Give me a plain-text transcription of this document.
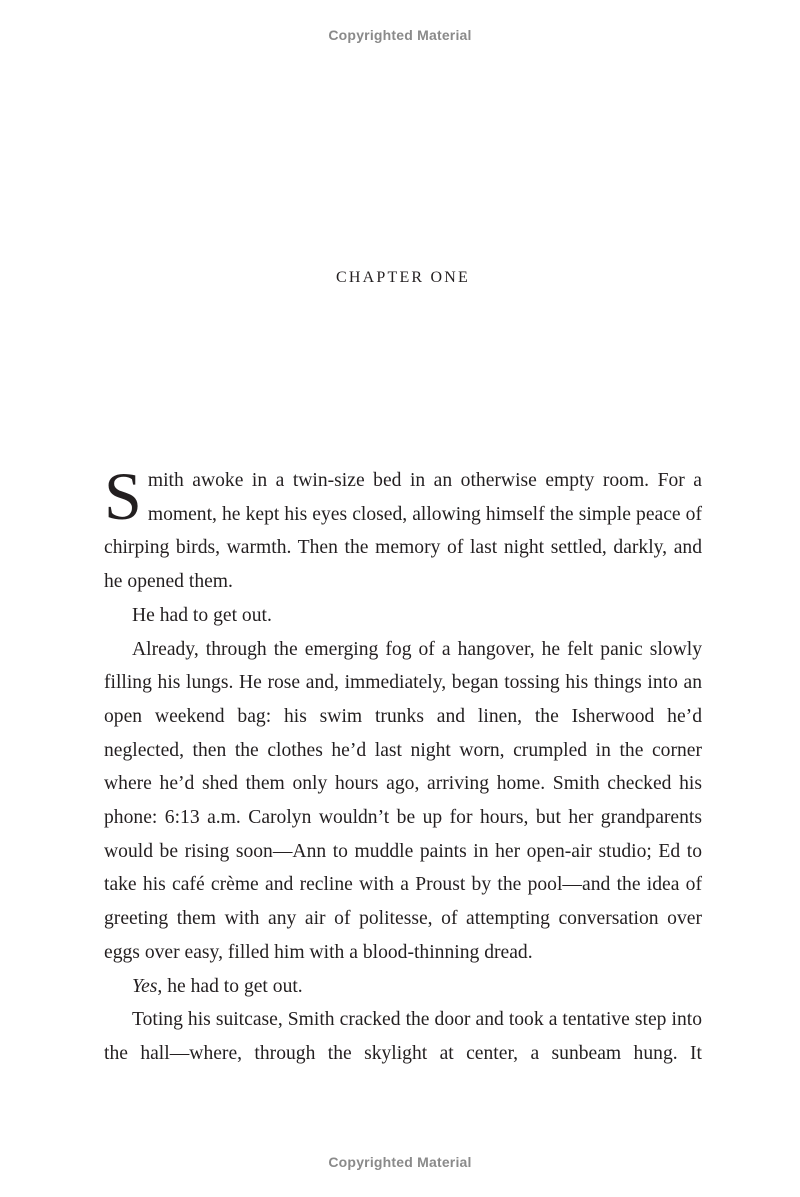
Copyrighted Material
CHAPTER ONE

Smith awoke in a twin-size bed in an otherwise empty room. For a moment, he kept his eyes closed, allowing himself the simple peace of chirping birds, warmth. Then the memory of last night settled, darkly, and he opened them.

He had to get out.

Already, through the emerging fog of a hangover, he felt panic slowly filling his lungs. He rose and, immediately, began tossing his things into an open weekend bag: his swim trunks and linen, the Isherwood he’d neglected, then the clothes he’d last night worn, crumpled in the corner where he’d shed them only hours ago, arriving home. Smith checked his phone: 6:13 a.m. Carolyn wouldn’t be up for hours, but her grandparents would be rising soon—Ann to muddle paints in her open-air studio; Ed to take his café crème and recline with a Proust by the pool—and the idea of greeting them with any air of politesse, of attempting conversation over eggs over easy, filled him with a blood-thinning dread.

Yes, he had to get out.

Toting his suitcase, Smith cracked the door and took a tentative step into the hall—where, through the skylight at center, a sunbeam hung. It

Copyrighted Material
